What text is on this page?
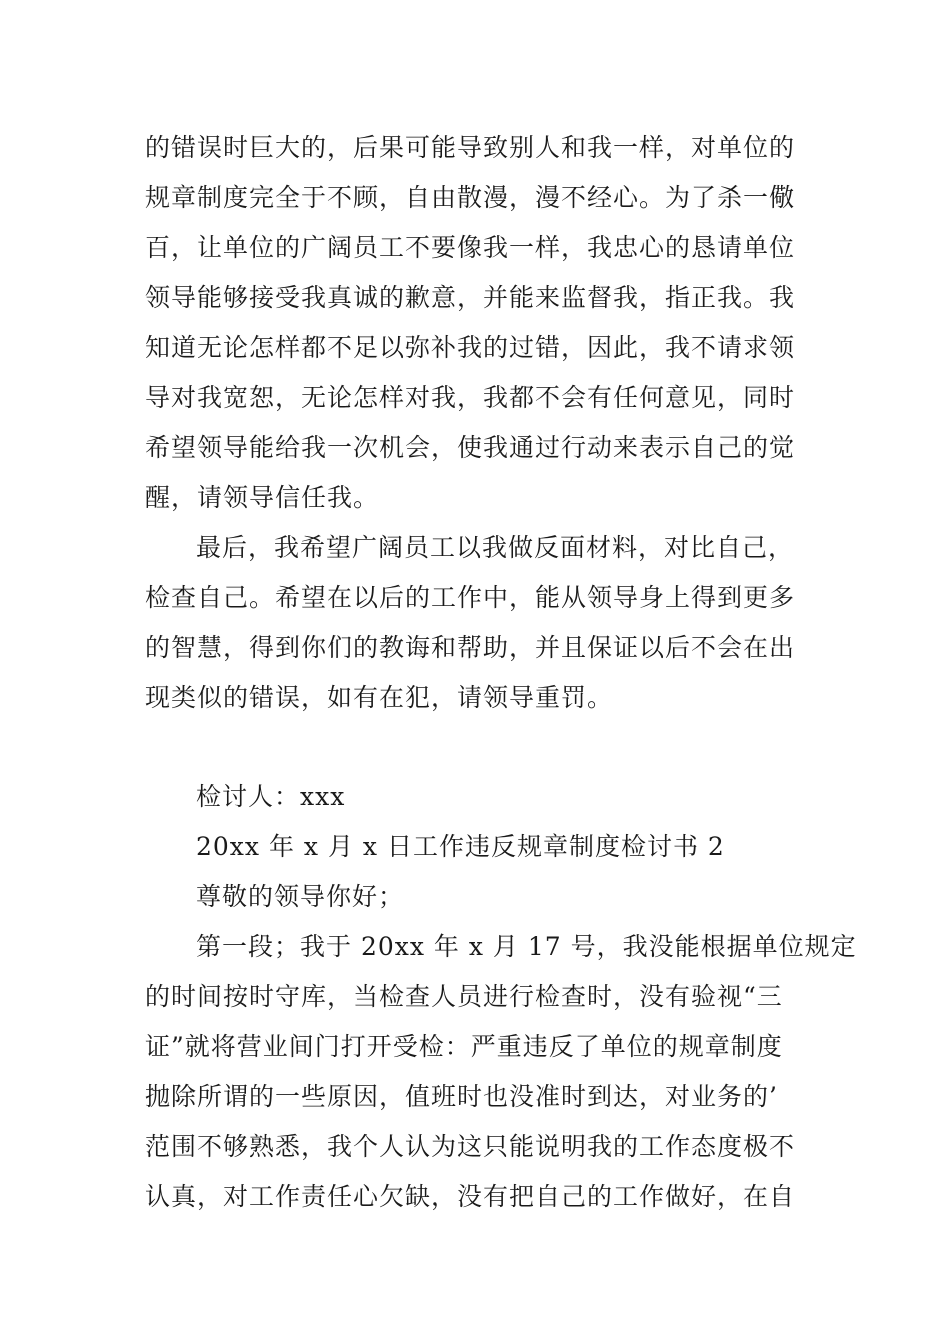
的错误时巨大的，后果可能导致别人和我一样，对单位的
规章制度完全于不顾，自由散漫，漫不经心。为了杀一儆
百，让单位的广阔员工不要像我一样，我忠心的恳请单位
领导能够接受我真诚的歉意，并能来监督我，指正我。我
知道无论怎样都不足以弥补我的过错，因此，我不请求领
导对我宽恕，无论怎样对我，我都不会有任何意见，同时
希望领导能给我一次机会，使我通过行动来表示自己的觉
醒，请领导信任我。
最后，我希望广阔员工以我做反面材料，对比自己，
检查自己。希望在以后的工作中，能从领导身上得到更多
的智慧，得到你们的教诲和帮助，并且保证以后不会在出
现类似的错误，如有在犯，请领导重罚。
检讨人：xxx
20xx 年 x 月 x 日工作违反规章制度检讨书 2
尊敬的领导你好；
第一段；我于 20xx 年 x 月 17 号，我没能根据单位规定
的时间按时守库，当检查人员进行检查时，没有验视“三
证”就将营业间门打开受检：严重违反了单位的规章制度
抛除所谓的一些原因，值班时也没准时到达，对业务的’
范围不够熟悉，我个人认为这只能说明我的工作态度极不
认真，对工作责任心欠缺，没有把自己的工作做好，在自
